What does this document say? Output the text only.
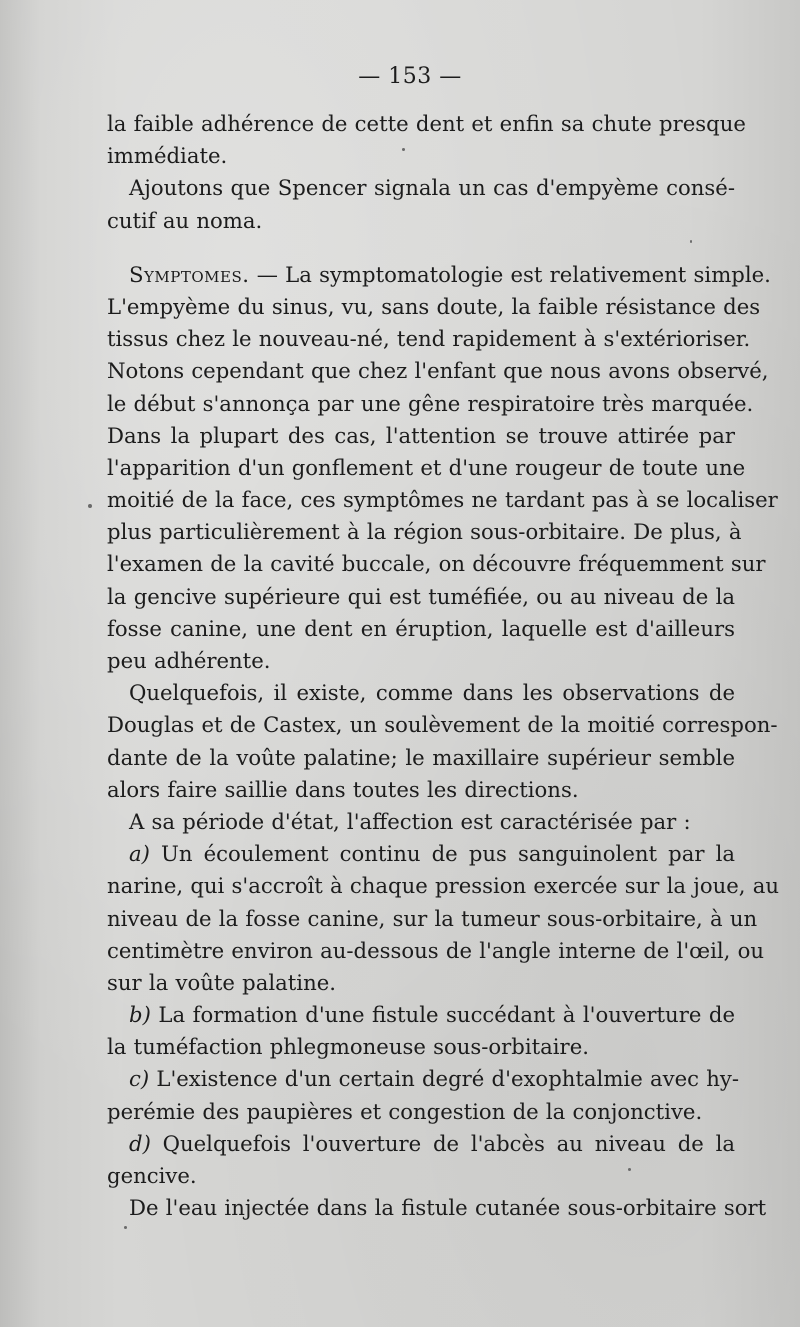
— 153 —
la faible adhérence de cette dent et enfin sa chute presque
immédiate.
Ajoutons que Spencer signala un cas d'empyème consé-
cutif au noma.
Symptomes. — La symptomatologie est relativement simple.
L'empyème du sinus, vu, sans doute, la faible résistance des
tissus chez le nouveau-né, tend rapidement à s'extérioriser.
Notons cependant que chez l'enfant que nous avons observé,
le début s'annonça par une gêne respiratoire très marquée.
Dans la plupart des cas, l'attention se trouve attirée par
l'apparition d'un gonflement et d'une rougeur de toute une
moitié de la face, ces symptômes ne tardant pas à se localiser
plus particulièrement à la région sous-orbitaire. De plus, à
l'examen de la cavité buccale, on découvre fréquemment sur
la gencive supérieure qui est tuméfiée, ou au niveau de la
fosse canine, une dent en éruption, laquelle est d'ailleurs
peu adhérente.
Quelquefois, il existe, comme dans les observations de
Douglas et de Castex, un soulèvement de la moitié correspon-
dante de la voûte palatine; le maxillaire supérieur semble
alors faire saillie dans toutes les directions.
A sa période d'état, l'affection est caractérisée par :
a) Un écoulement continu de pus sanguinolent par la
narine, qui s'accroît à chaque pression exercée sur la joue, au
niveau de la fosse canine, sur la tumeur sous-orbitaire, à un
centimètre environ au-dessous de l'angle interne de l'œil, ou
sur la voûte palatine.
b) La formation d'une fistule succédant à l'ouverture de
la tuméfaction phlegmoneuse sous-orbitaire.
c) L'existence d'un certain degré d'exophtalmie avec hy-
perémie des paupières et congestion de la conjonctive.
d) Quelquefois l'ouverture de l'abcès au niveau de la
gencive.
De l'eau injectée dans la fistule cutanée sous-orbitaire sort
